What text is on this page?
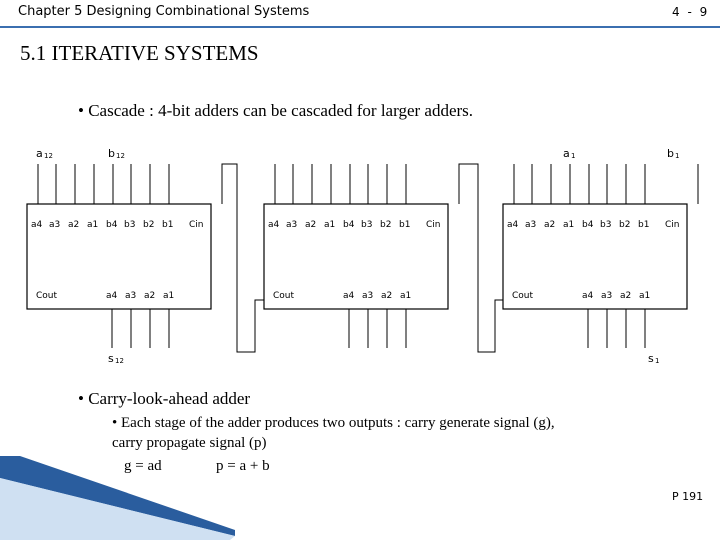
Chapter 5 Designing Combinational Systems	4 - 9
5.1 ITERATIVE SYSTEMS
• Cascade : 4-bit adders can be cascaded for larger adders.
a4 a3 a2 a1 b4 b3 b2 b1 Cin
a4 a3 a2 a1
Cout
a4 a3 a2 a1 b4 b3 b2 b1 Cin
a4 a3 a2 a1
Cout
a4 a3 a2 a1 b4 b3 b2 b1 Cin
a4 a3 a2 a1
Cout
a 12	b 12	a 1	b 1
s 12	s 1
• Carry-look-ahead adder
• Each stage of the adder produces two outputs : carry generate signal (g),
carry propagate signal (p)
g = ad	p = a + b
P 191
